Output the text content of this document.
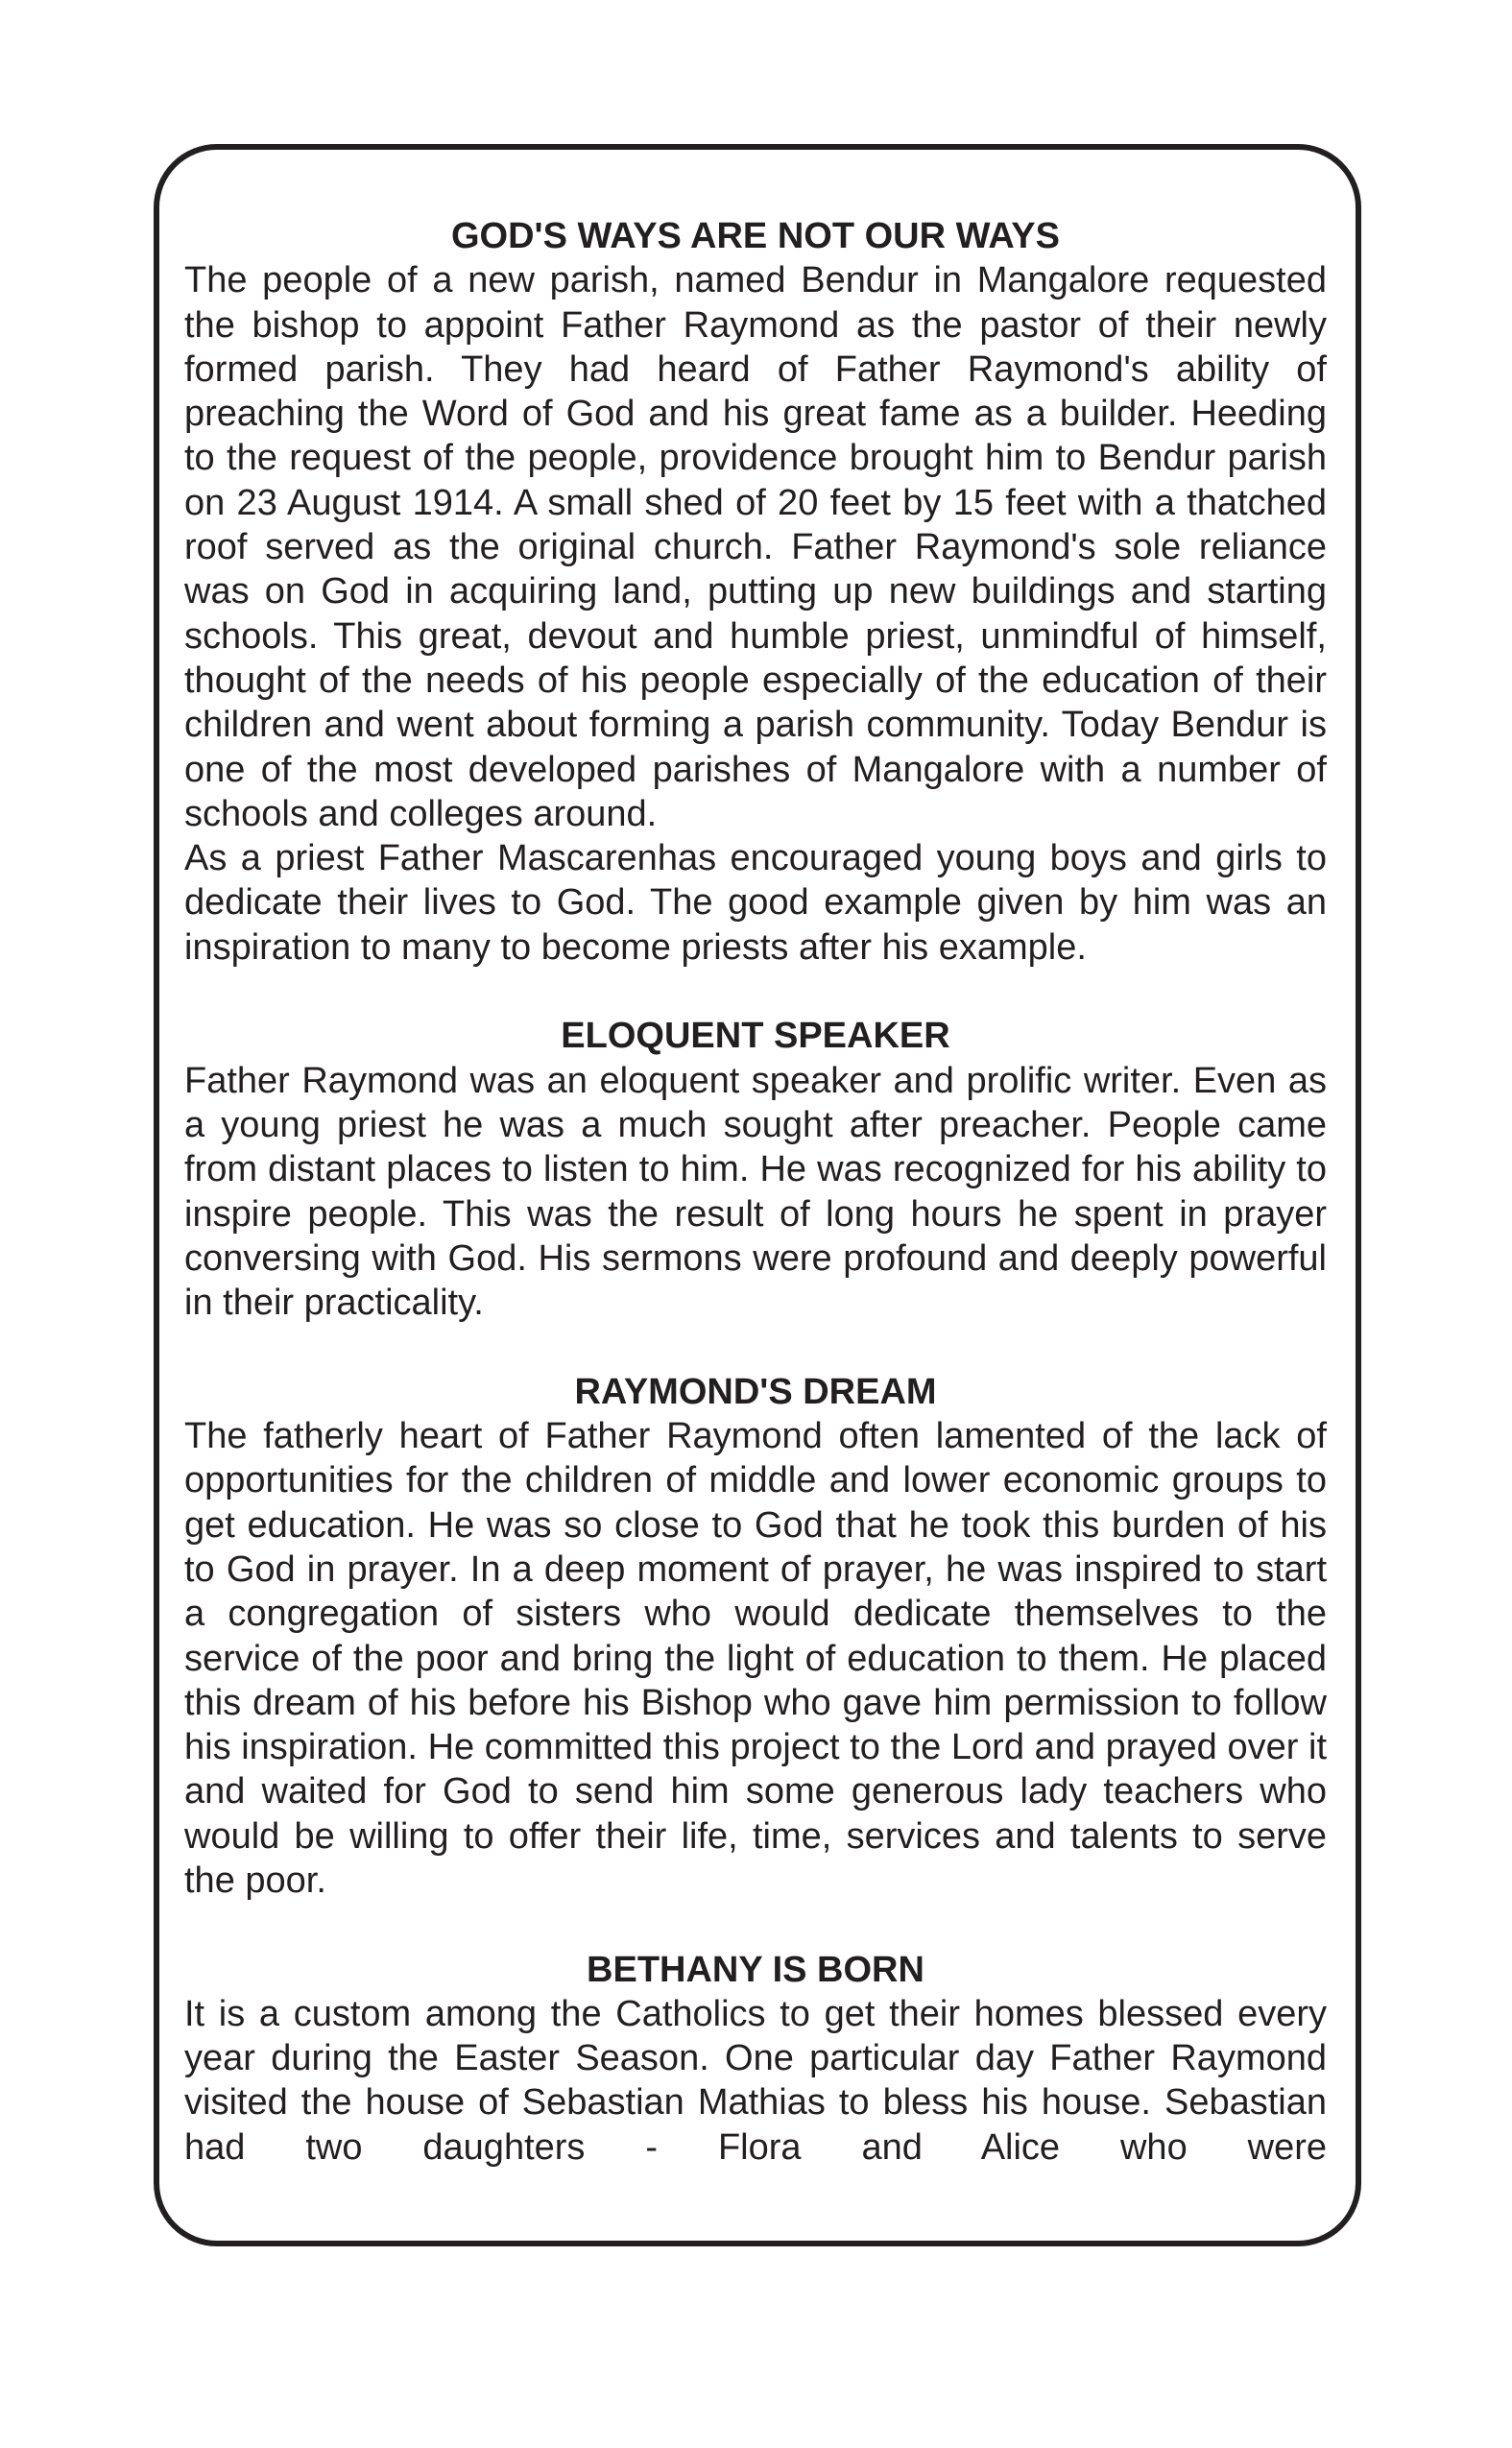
GOD'S WAYS ARE NOT OUR WAYS

The people of a new parish, named Bendur in Mangalore requested the bishop to appoint Father Raymond as the pastor of their newly formed parish. They had heard of Father Raymond's ability of preaching the Word of God and his great fame as a builder. Heeding to the request of the people, providence brought him to Bendur parish on 23 August 1914. A small shed of 20 feet by 15 feet with a thatched roof served as the original church. Father Raymond's sole reliance was on God in acquiring land, putting up new buildings and starting schools. This great, devout and humble priest, unmindful of himself, thought of the needs of his people especially of the education of their children and went about forming a parish community. Today Bendur is one of the most developed parishes of Mangalore with a number of schools and colleges around.

As a priest Father Mascarenhas encouraged young boys and girls to dedicate their lives to God. The good example given by him was an inspiration to many to become priests after his example.

ELOQUENT SPEAKER

Father Raymond was an eloquent speaker and prolific writer. Even as a young priest he was a much sought after preacher. People came from distant places to listen to him. He was recognized for his ability to inspire people. This was the result of long hours he spent in prayer conversing with God. His sermons were profound and deeply powerful in their practicality.

RAYMOND'S DREAM

The fatherly heart of Father Raymond often lamented of the lack of opportunities for the children of middle and lower economic groups to get education. He was so close to God that he took this burden of his to God in prayer. In a deep moment of prayer, he was inspired to start a congregation of sisters who would dedicate themselves to the service of the poor and bring the light of education to them. He placed this dream of his before his Bishop who gave him permission to follow his inspiration. He committed this project to the Lord and prayed over it and waited for God to send him some generous lady teachers who would be willing to offer their life, time, services and talents to serve the poor.

BETHANY IS BORN

It is a custom among the Catholics to get their homes blessed every year during the Easter Season. One particular day Father Raymond visited the house of Sebastian Mathias to bless his house. Sebastian had two daughters - Flora and Alice who were
